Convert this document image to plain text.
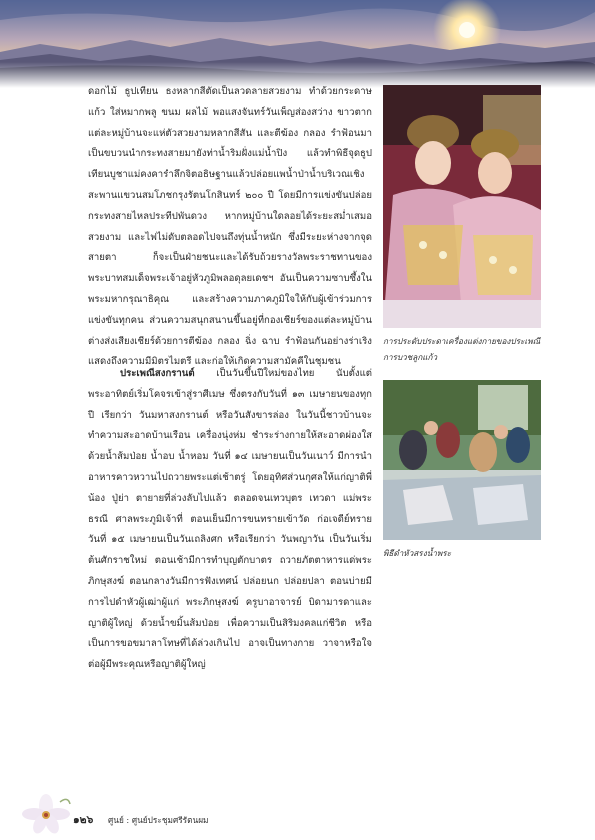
ดอกไม้ ธูปเทียน ธงหลากสีตัดเป็นลวดลายสวยงาม ทำด้วยกระดาษแก้ว ใส่หมากพลู ขนม ผลไม้ พอแสงจันทร์วันเพ็ญส่องสว่าง ขาวตากแต่ละหมู่บ้านจะแห่ตัวสวยงามหลากสีสัน และตีฆ้อง กลอง รำฟ้อนมาเป็นขบวนนำกระทงสายมายังท่าน้ำริมฝั่งแม่น้ำปิง แล้วทำพิธีจุดธูปเทียนบูชาแม่คงคารำลึกจิตอธิษฐานแล้วปล่อยแพน้ำป่าน้ำบริเวณเชิงสะพานแขวนสมโภชกรุงรัตนโกสินทร์ ๒๐๐ ปี โดยมีการแข่งขันปล่อยกระทงสายไหลประทีปพันดวง หากหมู่บ้านใดลอยได้ระยะสม่ำเสมอ สวยงาม และไฟไม่ดับตลอดไปจนถึงทุ่นน้ำหนัก ซึ่งมีระยะห่างจากจุดสายตา ก็จะเป็นฝ่ายชนะและได้รับถ้วยรางวัลพระราชทานของพระบาทสมเด็จพระเจ้าอยู่หัวภูมิพลอดุลยเดชฯ อันเป็นความซาบซึ้งในพระมหากรุณาธิคุณ และสร้างความภาคภูมิใจให้กับผู้เข้าร่วมการแข่งขันทุกคน ส่วนความสนุกสนานขึ้นอยู่ที่กองเชียร์ของแต่ละหมู่บ้าน ต่างส่งเสียงเชียร์ด้วยการตีฆ้อง กลอง ฉิ่ง ฉาบ รำฟ้อนกันอย่างร่าเริงแสดงถึงความมีมิตรไมตรี และก่อให้เกิดความสามัคคีในชุมชน

ประเพณีสงกรานต์ เป็นวันขึ้นปีใหม่ของไทย นับตั้งแต่พระอาทิตย์เริ่มโคจรเข้าสู่ราศีเมษ ซึ่งตรงกับวันที่ ๑๓ เมษายนของทุกปี เรียกว่า วันมหาสงกรานต์ หรือวันสังขารล่อง ในวันนี้ชาวบ้านจะทำความสะอาดบ้านเรือน เครื่องนุ่งห่ม ชำระร่างกายให้สะอาดผ่องใสด้วยน้ำส้มป่อย น้ำอบ น้ำหอม วันที่ ๑๔ เมษายนเป็นวันเนาว์ มีการนำอาหารคาวหวานไปถวายพระแต่เช้าตรู่ โดยอุทิศส่วนกุศลให้แก่ญาติพี่น้อง ปู่ย่า ตายายที่ล่วงลับไปแล้ว ตลอดจนเทวบุตร เทวดา แม่พระธรณี ศาลพระภูมิเจ้าที่ ตอนเย็นมีการขนทรายเข้าวัด ก่อเจดีย์ทราย วันที่ ๑๕ เมษายนเป็นวันเถลิงศก หรือเรียกว่า วันพญาวัน เป็นวันเริ่มต้นศักราชใหม่ ตอนเช้ามีการทำบุญตักบาตร ถวายภัตตาหารแด่พระภิกษุสงฆ์ ตอนกลางวันมีการฟังเทศน์ ปล่อยนก ปล่อยปลา ตอนบ่ายมีการไปดำหัวผู้เฒ่าผู้แก่ พระภิกษุสงฆ์ ครูบาอาจารย์ บิดามารดาและญาติผู้ใหญ่ ด้วยน้ำขมิ้นส้มป่อย เพื่อความเป็นสิริมงคลแก่ชีวิต หรือเป็นการขอขมาลาโทษที่ได้ล่วงเกินไป อาจเป็นทางกาย วาจาหรือใจ ต่อผู้มีพระคุณหรือญาติผู้ใหญ่

การประดับประดาเครื่องแต่งกายของประเพณีการบวชลูกแก้ว
พิธีดำหัวสรงน้ำพระ
๑๒๖ ศูนย์ : ศูนย์ประชุมศรีรัตนผม
